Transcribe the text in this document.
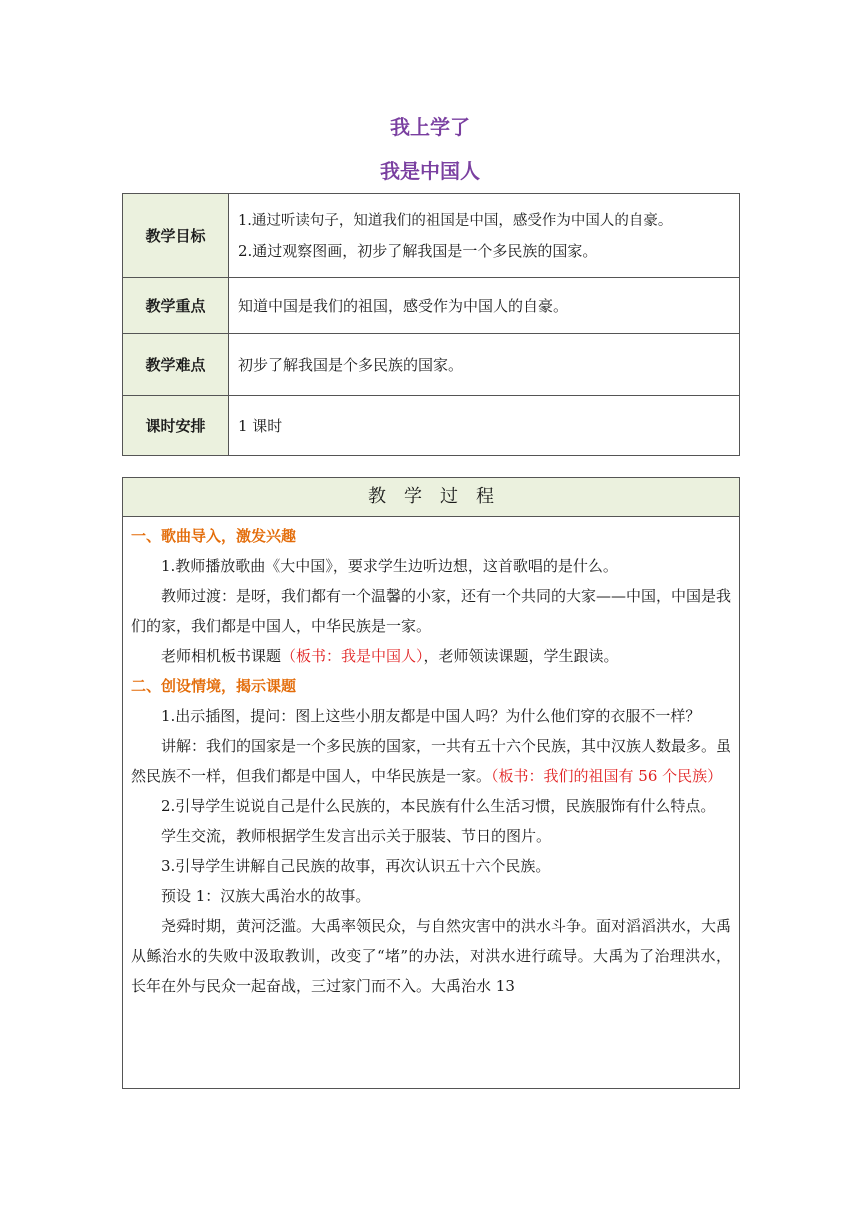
我上学了
我是中国人
教学目标	1.通过听读句子，知道我们的祖国是中国，感受作为中国人的自豪。
2.通过观察图画，初步了解我国是一个多民族的国家。

教学重点	知道中国是我们的祖国，感受作为中国人的自豪。
教学难点	初步了解我国是个多民族的国家。
课时安排	1 课时
教学过程
一、歌曲导入，激发兴趣

1.教师播放歌曲《大中国》，要求学生边听边想，这首歌唱的是什么。

教师过渡：是呀，我们都有一个温馨的小家，还有一个共同的大家——中国，中国是我们的家，我们都是中国人，中华民族是一家。

老师相机板书课题（板书：我是中国人），老师领读课题，学生跟读。

二、创设情境，揭示课题

1.出示插图，提问：图上这些小朋友都是中国人吗？为什么他们穿的衣服不一样？

讲解：我们的国家是一个多民族的国家，一共有五十六个民族，其中汉族人数最多。虽然民族不一样，但我们都是中国人，中华民族是一家。（板书：我们的祖国有 56 个民族）

2.引导学生说说自己是什么民族的，本民族有什么生活习惯，民族服饰有什么特点。

学生交流，教师根据学生发言出示关于服装、节日的图片。

3.引导学生讲解自己民族的故事，再次认识五十六个民族。

预设 1：汉族大禹治水的故事。

尧舜时期，黄河泛滥。大禹率领民众，与自然灾害中的洪水斗争。面对滔滔洪水，大禹从鲧治水的失败中汲取教训，改变了“堵”的办法，对洪水进行疏导。大禹为了治理洪水，长年在外与民众一起奋战，三过家门而不入。大禹治水 13
